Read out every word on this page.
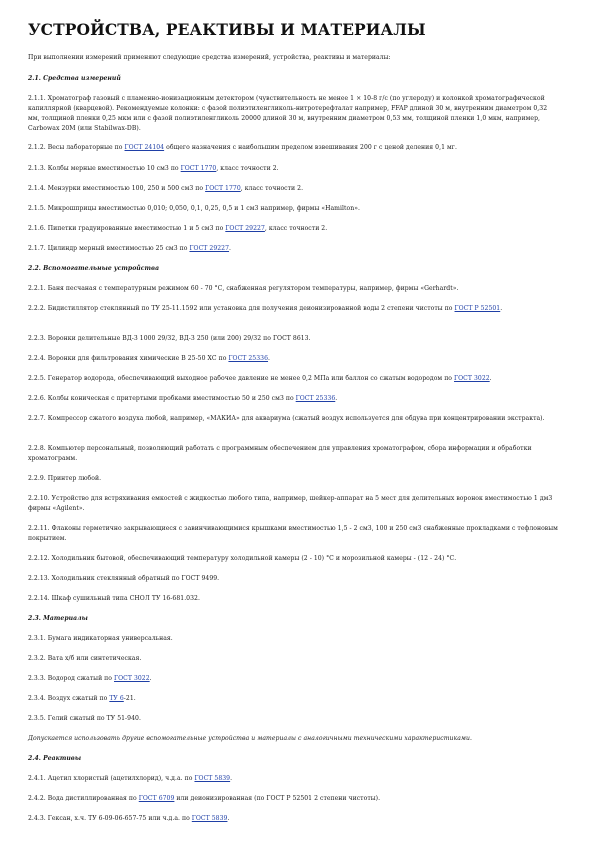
УСТРОЙСТВА, РЕАКТИВЫ И МАТЕРИАЛЫ

При выполнении измерений применяют следующие средства измерений, устройства, реактивы и материалы:

2.1. Средства измерений

2.1.1. Хроматограф газовый с пламенно-ионизационным детектором (чувствительность не менее 1 × 10-8 г/с (по углероду) и колонкой хроматографической капиллярной (кварцевой). Рекомендуемые колонки: с фазой полиэтиленгликоль-нитротерефталат например, FFAP длиной 30 м, внутренним диаметром 0,32 мм, толщиной пленки 0,25 мкм или с фазой полиэтиленгликоль 20000 длиной 30 м, внутренним диаметром 0,53 мм, толщиной пленки 1,0 мкм, например, Carbowax 20M (или Stabilwax-DB).

2.1.2. Весы лабораторные по ГОСТ 24104 общего назначения с наибольшим пределом взвешивания 200 г с ценой деления 0,1 мг.

2.1.3. Колбы мерные вместимостью 10 см3 по ГОСТ 1770, класс точности 2.

2.1.4. Мензурки вместимостью 100, 250 и 500 см3 по ГОСТ 1770, класс точности 2.

2.1.5. Микрошприцы вместимостью 0,010; 0,050, 0,1, 0,25, 0,5 и 1 см3 например, фирмы «Hamilton».

2.1.6. Пипетки градуированные вместимостью 1 и 5 см3 по ГОСТ 29227, класс точности 2.

2.1.7. Цилиндр мерный вместимостью 25 см3 по ГОСТ 29227.

2.2. Вспомогательные устройства

2.2.1. Баня песчаная с температурным режимом 60 - 70 °С, снабженная регулятором температуры, например, фирмы «Gerhardt».

2.2.2. Бидистиллятор стеклянный по ТУ 25-11.1592 или установка для получения деионизированной воды 2 степени чистоты по ГОСТ Р 52501.

2.2.3. Воронки делительные ВД-3 1000 29/32, ВД-3 250 (или 200) 29/32 по ГОСТ 8613.

2.2.4. Воронки для фильтрования химические В 25-50 ХС по ГОСТ 25336.

2.2.5. Генератор водорода, обеспечивающий выходное рабочее давление не менее 0,2 МПа или баллон со сжатым водородом по ГОСТ 3022.

2.2.6. Колбы коническая с притертыми пробками вместимостью 50 и 250 см3 по ГОСТ 25336.

2.2.7. Компрессор сжатого воздуха любой, например, «МАКИА» для аквариума (сжатый воздух используется для обдува при концентрировании экстракта).

2.2.8. Компьютер персональный, позволяющий работать с программным обеспечением для управления хроматографом, сбора информации и обработки хроматограмм.

2.2.9. Принтер любой.

2.2.10. Устройство для встряхивания емкостей с жидкостью любого типа, например, шейкер-аппарат на 5 мест для делительных воронок вместимостью 1 дм3 фирмы «Agilent».

2.2.11. Флаконы герметично закрывающиеся с завинчивающимися крышками вместимостью 1,5 - 2 см3, 100 и 250 см3 снабженные прокладками с тефлоновым покрытием.

2.2.12. Холодильник бытовой, обеспечивающий температуру холодильной камеры (2 - 10) °С и морозильной камеры - (12 - 24) °С.

2.2.13. Холодильник стеклянный обратный по ГОСТ 9499.

2.2.14. Шкаф сушильный типа СНОЛ ТУ 16-681.032.

2.3. Материалы

2.3.1. Бумага индикаторная универсальная.

2.3.2. Вата х/б или синтетическая.

2.3.3. Водород сжатый по ГОСТ 3022.

2.3.4. Воздух сжатый по ТУ 6-21.

2.3.5. Гелий сжатый по ТУ 51-940.

Допускается использовать другие вспомогательные устройства и материалы с аналогичными техническими характеристиками.

2.4. Реактивы

2.4.1. Ацетил хлористый (ацетилхлорид), ч.д.а. по ГОСТ 5839.

2.4.2. Вода дистиллированная по ГОСТ 6709 или деионизированная (по ГОСТ Р 52501 2 степени чистоты).

2.4.3. Гексан, х.ч. ТУ 6-09-06-657-75 или ч.д.а. по ГОСТ 5839.
